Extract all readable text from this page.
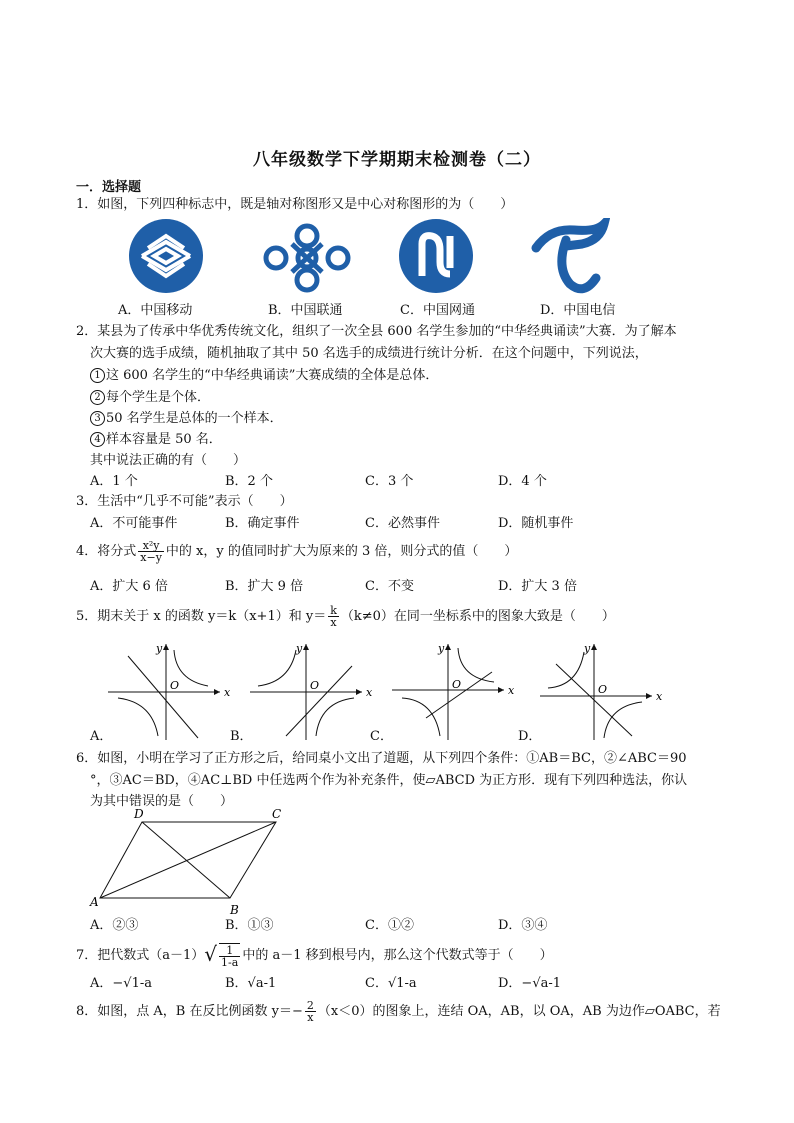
八年级数学下学期期末检测卷（二）
一．选择题
1．如图，下列四种标志中，既是轴对称图形又是中心对称图形的为（　　）
A．中国移动	B．中国联通	C．中国网通	D．中国电信
2．某县为了传承中华优秀传统文化，组织了一次全县 600 名学生参加的“中华经典诵读”大赛．为了解本
次大赛的选手成绩，随机抽取了其中 50 名选手的成绩进行统计分析．在这个问题中，下列说法，
1 这 600 名学生的“中华经典诵读”大赛成绩的全体是总体．
2 每个学生是个体．
3 50 名学生是总体的一个样本．
4 样本容量是 50 名．
其中说法正确的有（　　）
A．1 个	B．2 个	C．3 个	D．4 个
3．生活中“几乎不可能”表示（　　）
A．不可能事件	B．确定事件	C．必然事件	D．随机事件
4．将分式 $\frac{\text{x²y}}{x-y}$ 中的 x，y 的值同时扩大为原来的 3 倍，则分式的值（　　）
A．扩大 6 倍	B．扩大 9 倍	C．不变	D．扩大 3 倍
5．期末关于 x 的函数 y＝k（x+1）和 $y= \frac{k}{x} (k\ne 0)$在同一坐标系中的图象大致是（　　）
x
y
O
A．
x
y
O
B．
x
y
O
C．
x
y
O
D．
6．如图，小明在学习了正方形之后，给同桌小文出了道题，从下列四个条件：①AB＝BC，②∠ABC＝90
°，③AC＝BD，④AC⊥BD 中任选两个作为补充条件，使▱ABCD 为正方形．现有下列四种选法，你认
为其中错误的是（　　）
A
B
C
D
A．②③	B．①③	C．①②	D．③④
7．把代数式$(a-1)√ \frac{1}{1-a}$ 中的 a－1 移到根号内，那么这个代数式等于（　　）
A．−√1-a	B．√a-1	C．√1-a	D．−√a-1
8．如图，点 A，B 在反比例函数 $y=- \frac{2}{x} (x<0)$的图象上，连结 OA，AB，以 OA，AB 为边作▱OABC，若
